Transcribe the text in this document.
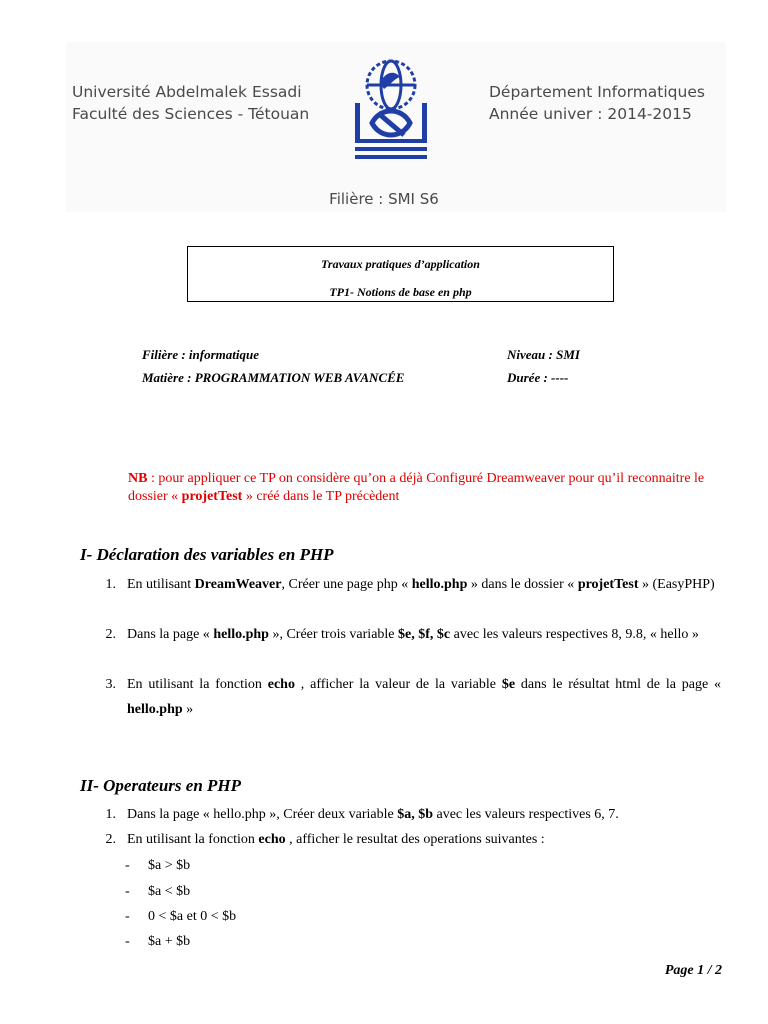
Université Abdelmalek Essadi
Faculté des Sciences - Tétouan
Département Informatiques
Année univer : 2014-2015
Filière : SMI S6
Travaux pratiques d’application
TP1- Notions de base en php
Filière : informatique
Matière : PROGRAMMATION WEB AVANCÉE
Niveau : SMI
Durée : ----
NB : pour appliquer ce TP on considère qu’on a déjà Configuré Dreamweaver pour qu’il reconnaitre le dossier « projetTest » créé dans le TP précèdent
I- Déclaration des variables en PHP
1. En utilisant DreamWeaver, Créer une page php « hello.php » dans le dossier « projetTest » (EasyPHP)
2. Dans la page « hello.php », Créer trois variable $e, $f, $c avec les valeurs respectives 8, 9.8, « hello »
3. En utilisant la fonction echo , afficher la valeur de la variable $e dans le résultat html de la page « hello.php »
II- Operateurs en PHP
1. Dans la page « hello.php », Créer deux variable $a, $b avec les valeurs respectives 6, 7.
2. En utilisant la fonction echo , afficher le resultat des operations suivantes :
- $a > $b
- $a < $b
- 0 < $a et 0 < $b
- $a + $b
Page 1 / 2
